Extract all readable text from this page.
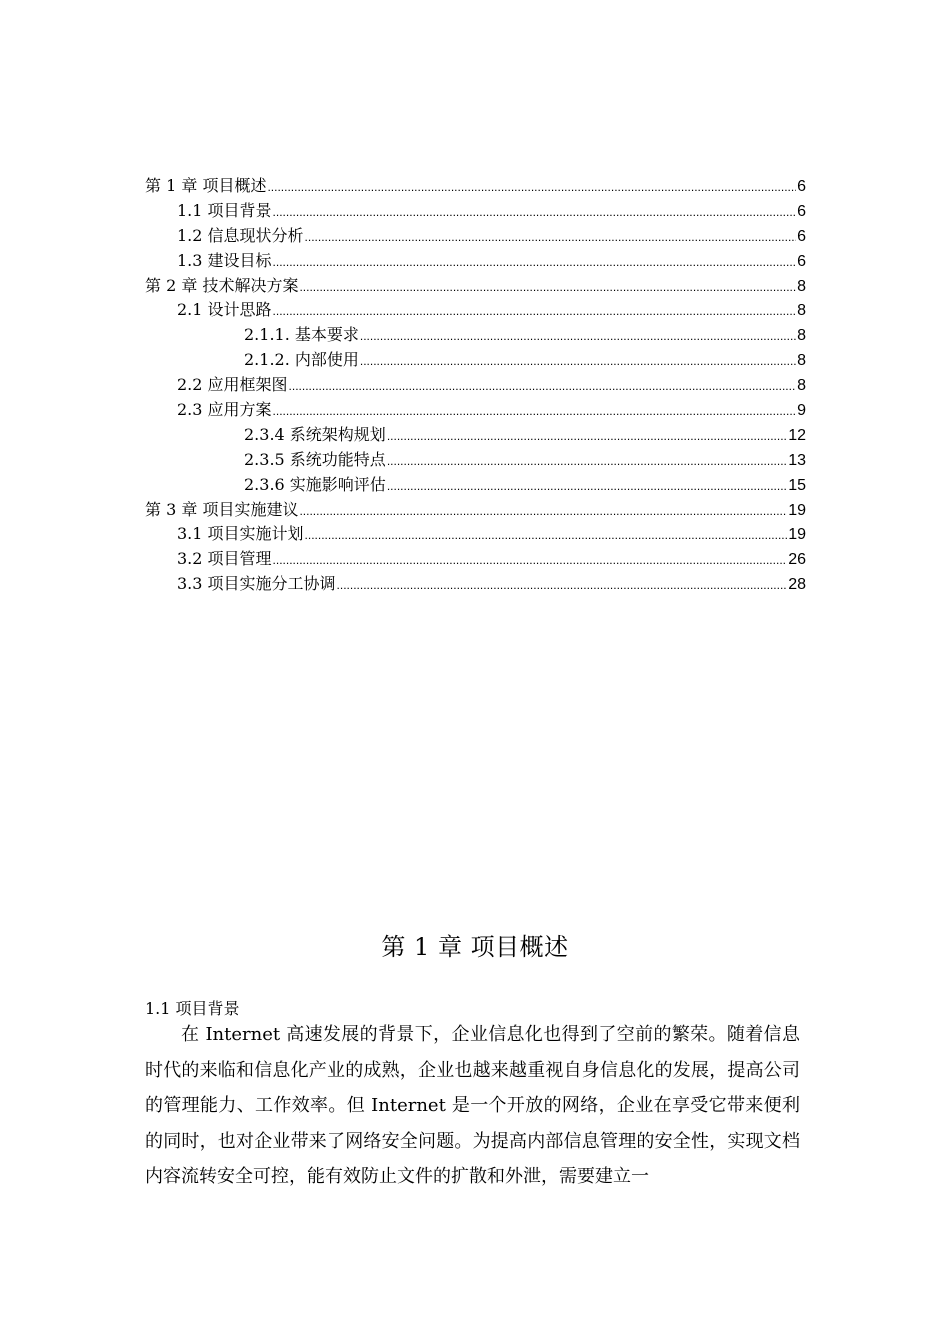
第 1 章 项目概述 .....	6
1.1 项目背景 .....	6
1.2 信息现状分析 .....	6
1.3 建设目标 .....	6
第 2 章 技术解决方案 .....	8
2.1 设计思路 .....	8
2.1.1. 基本要求 .....	8
2.1.2. 内部使用 .....	8
2.2 应用框架图 .....	8
2.3 应用方案 .....	9
2.3.4 系统架构规划 .....	12
2.3.5 系统功能特点 .....	13
2.3.6 实施影响评估 .....	15
第 3 章 项目实施建议 .....	19
3.1 项目实施计划 .....	19
3.2 项目管理 .....	26
3.3 项目实施分工协调 .....	28
第 1 章 项目概述
1.1 项目背景

在 Internet 高速发展的背景下，企业信息化也得到了空前的繁荣。随着信息时代的来临和信息化产业的成熟，企业也越来越重视自身信息化的发展，提高公司的管理能力、工作效率。但 Internet 是一个开放的网络，企业在享受它带来便利的同时，也对企业带来了网络安全问题。为提高内部信息管理的安全性，实现文档内容流转安全可控，能有效防止文件的扩散和外泄，需要建立一
